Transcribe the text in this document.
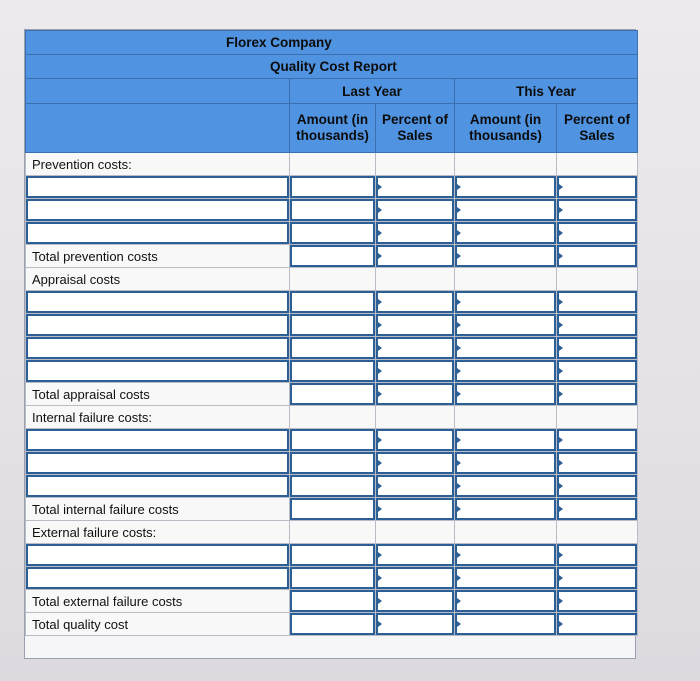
Florex Company				
Quality Cost Report				
	Last Year		This Year	
	Amount (in thousands)	Percent of Sales	Amount (in thousands)	Percent of Sales
Prevention costs:				

Total prevention costs				
Appraisal costs				

Total appraisal costs				
Internal failure costs:				

Total internal failure costs				
External failure costs:				

Total external failure costs				
Total quality cost				
